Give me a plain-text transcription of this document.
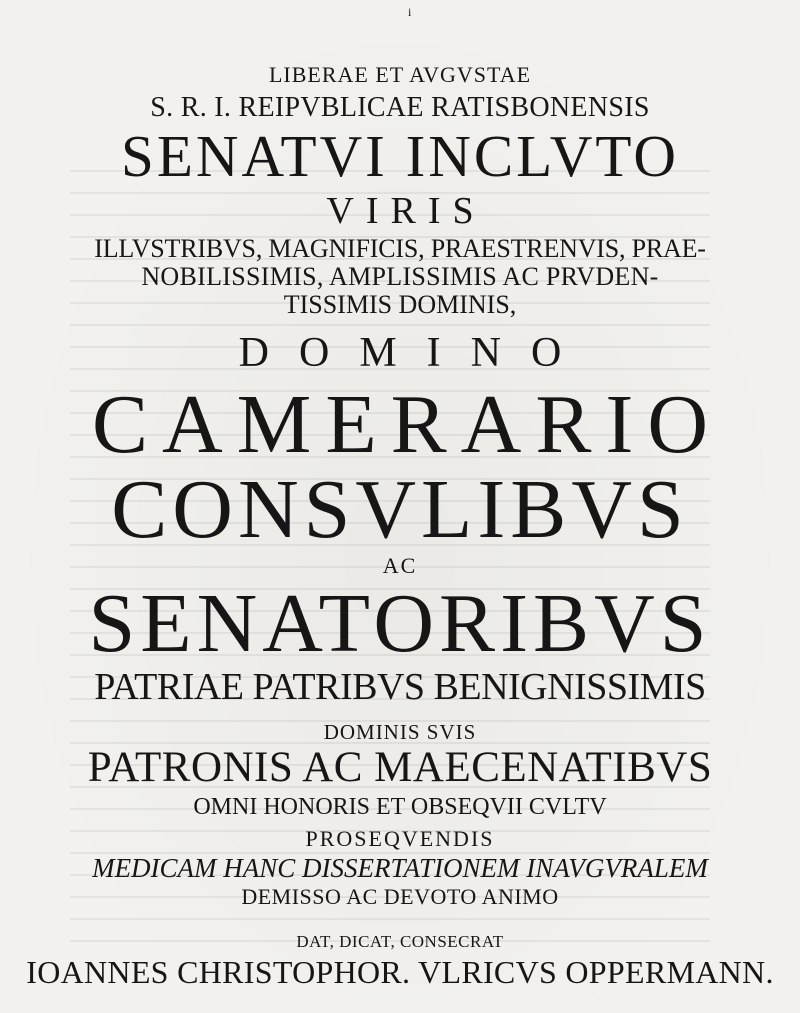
i
LIBERAE ET AVGVSTAE
S. R. I. REIPVBLICAE RATISBONENSIS
SENATVI INCLVTO
VIRIS
ILLVSTRIBVS, MAGNIFICIS, PRAESTRENVIS, PRAE-
NOBILISSIMIS, AMPLISSIMIS AC PRVDEN-
TISSIMIS DOMINIS,
DOMINO
CAMERARIO
CONSVLIBVS
AC
SENATORIBVS
PATRIAE PATRIBVS BENIGNISSIMIS
DOMINIS SVIS
PATRONIS AC MAECENATIBVS
OMNI HONORIS ET OBSEQVII CVLTV
PROSEQVENDIS
MEDICAM HANC DISSERTATIONEM INAVGVRALEM
DEMISSO AC DEVOTO ANIMO
DAT, DICAT, CONSECRAT
IOANNES CHRISTOPHOR. VLRICVS OPPERMANN.
